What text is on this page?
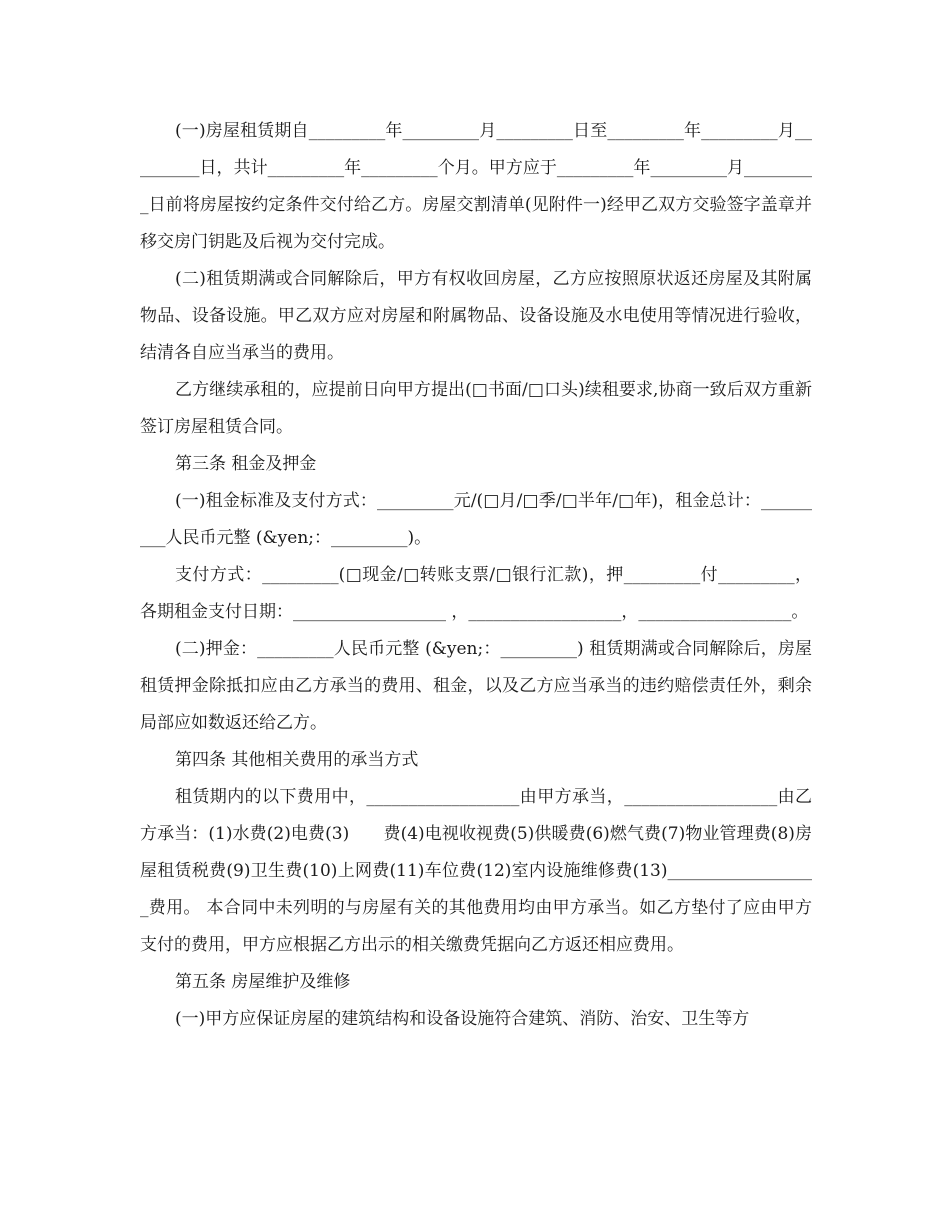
(一)房屋租赁期自_________年_________月_________日至_________年_________月_________日，共计_________年_________个月。甲方应于_________年_________月_________日前将房屋按约定条件交付给乙方。房屋交割清单(见附件一)经甲乙双方交验签字盖章并移交房门钥匙及后视为交付完成。

(二)租赁期满或合同解除后，甲方有权收回房屋，乙方应按照原状返还房屋及其附属物品、设备设施。甲乙双方应对房屋和附属物品、设备设施及水电使用等情况进行验收，结清各自应当承当的费用。

乙方继续承租的，应提前日向甲方提出(□书面/□口头)续租要求,协商一致后双方重新签订房屋租赁合同。

第三条 租金及押金

(一)租金标准及支付方式：_________元/(□月/□季/□半年/□年)，租金总计：_________人民币元整 (&yen;：_________)。

支付方式：_________(□现金/□转账支票/□银行汇款)，押_________付_________，各期租金支付日期：__________________ ，__________________，__________________。

(二)押金：_________人民币元整 (&yen;：_________) 租赁期满或合同解除后，房屋租赁押金除抵扣应由乙方承当的费用、租金，以及乙方应当承当的违约赔偿责任外，剩余局部应如数返还给乙方。

第四条 其他相关费用的承当方式

租赁期内的以下费用中，__________________由甲方承当，__________________由乙方承当：(1)水费(2)电费(3)　　费(4)电视收视费(5)供暖费(6)燃气费(7)物业管理费(8)房屋租赁税费(9)卫生费(10)上网费(11)车位费(12)室内设施维修费(13)__________________费用。 本合同中未列明的与房屋有关的其他费用均由甲方承当。如乙方垫付了应由甲方支付的费用，甲方应根据乙方出示的相关缴费凭据向乙方返还相应费用。

第五条 房屋维护及维修

(一)甲方应保证房屋的建筑结构和设备设施符合建筑、消防、治安、卫生等方
